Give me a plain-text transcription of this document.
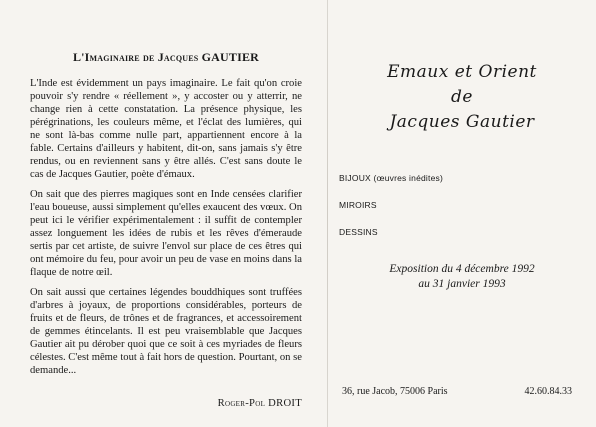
L'Imaginaire de Jacques GAUTIER

L'Inde est évidemment un pays imaginaire. Le fait qu'on croie pouvoir s'y rendre « réellement », y accoster ou y atterrir, ne change rien à cette constatation. La présence physique, les pérégrinations, les couleurs même, et l'éclat des lumières, qui ne sont là-bas comme nulle part, appartiennent encore à la fable. Certains d'ailleurs y habitent, dit-on, sans jamais s'y être rendus, ou en reviennent sans y être allés. C'est sans doute le cas de Jacques Gautier, poète d'émaux.

On sait que des pierres magiques sont en Inde censées clarifier l'eau boueuse, aussi simplement qu'elles exaucent des vœux. On peut ici le vérifier expérimentalement : il suffit de contempler assez longuement les idées de rubis et les rêves d'émeraude sertis par cet artiste, de suivre l'envol sur place de ces êtres qui ont mémoire du feu, pour avoir un peu de vase en moins dans la flaque de notre œil.

On sait aussi que certaines légendes bouddhiques sont truffées d'arbres à joyaux, de proportions considérables, porteurs de fruits et de fleurs, de trônes et de fragrances, et accessoirement de gemmes étincelants. Il est peu vraisemblable que Jacques Gautier ait pu dérober quoi que ce soit à ces myriades de fleurs célestes. C'est même tout à fait hors de question. Pourtant, on se demande...

Roger-Pol DROIT
Emaux et Orient
de
Jacques Gautier
BIJOUX (œuvres inédites)
MIROIRS
DESSINS
Exposition du 4 décembre 1992
au 31 janvier 1993
36, rue Jacob, 75006 Paris	42.60.84.33
